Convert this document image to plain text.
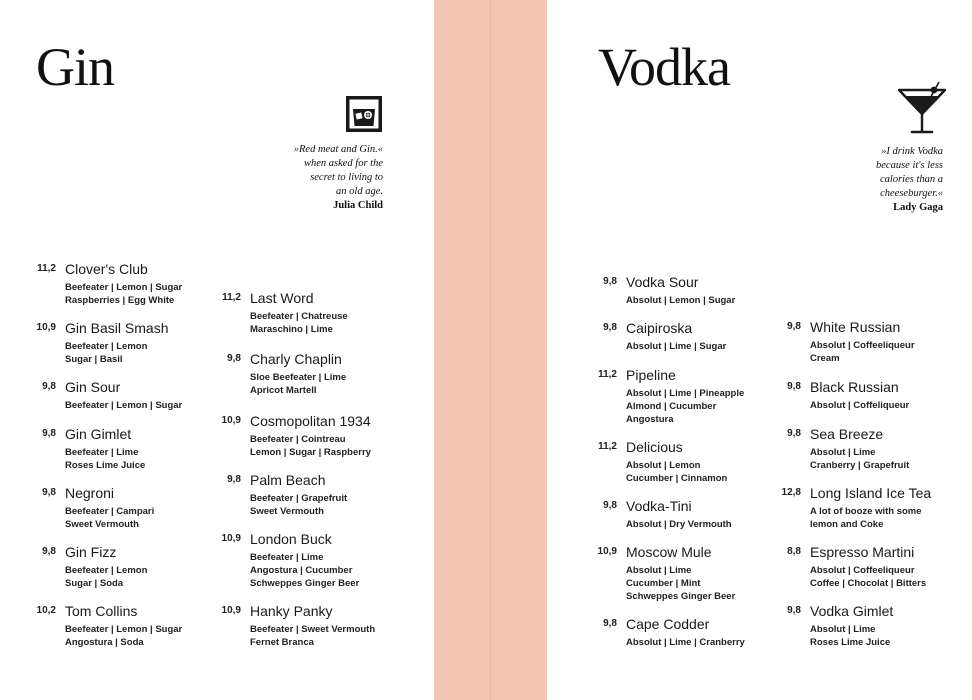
Gin
»Red meat and Gin.«
when asked for the
secret to living to
an old age.
Julia Child
11,2 Clover's Club
Beefeater | Lemon | Sugar
Raspberries | Egg White
10,9 Gin Basil Smash
Beefeater | Lemon
Sugar | Basil
9,8 Gin Sour
Beefeater | Lemon | Sugar
9,8 Gin Gimlet
Beefeater | Lime
Roses Lime Juice
9,8 Negroni
Beefeater | Campari
Sweet Vermouth
9,8 Gin Fizz
Beefeater | Lemon
Sugar | Soda
10,2 Tom Collins
Beefeater | Lemon | Sugar
Angostura | Soda
11,2 Last Word
Beefeater | Chatreuse
Maraschino | Lime
9,8 Charly Chaplin
Sloe Beefeater | Lime
Apricot Martell
10,9 Cosmopolitan 1934
Beefeater | Cointreau
Lemon | Sugar | Raspberry
9,8 Palm Beach
Beefeater | Grapefruit
Sweet Vermouth
10,9 London Buck
Beefeater | Lime
Angostura | Cucumber
Schweppes Ginger Beer
10,9 Hanky Panky
Beefeater | Sweet Vermouth
Fernet Branca
Vodka
»I drink Vodka
because it's less
calories than a
cheeseburger.«
Lady Gaga
9,8 Vodka Sour
Absolut | Lemon | Sugar
9,8 Caipiroska
Absolut | Lime | Sugar
11,2 Pipeline
Absolut | Lime | Pineapple
Almond | Cucumber
Angostura
11,2 Delicious
Absolut | Lemon
Cucumber | Cinnamon
9,8 Vodka-Tini
Absolut | Dry Vermouth
10,9 Moscow Mule
Absolut | Lime
Cucumber | Mint
Schweppes Ginger Beer
9,8 Cape Codder
Absolut | Lime | Cranberry
9,8 White Russian
Absolut | Coffeeliqueur
Cream
9,8 Black Russian
Absolut | Coffeliqueur
9,8 Sea Breeze
Absolut | Lime
Cranberry | Grapefruit
12,8 Long Island Ice Tea
A lot of booze with some
lemon and Coke
8,8 Espresso Martini
Absolut | Coffeeliqueur
Coffee | Chocolat | Bitters
9,8 Vodka Gimlet
Absolut | Lime
Roses Lime Juice
